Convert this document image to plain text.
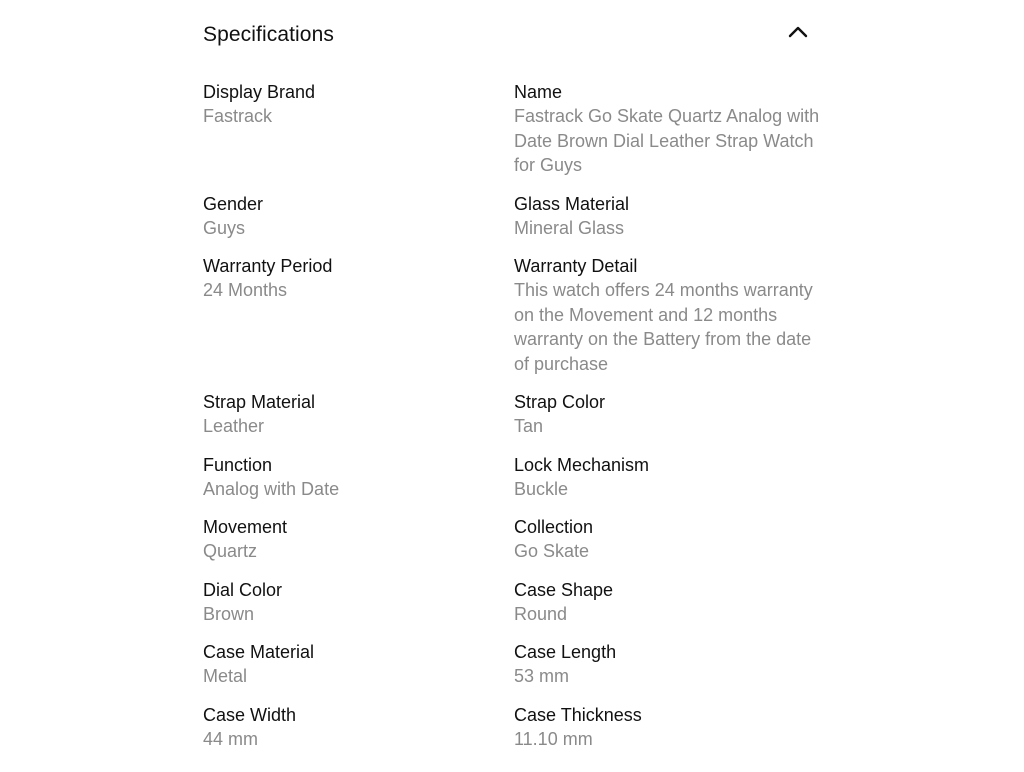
Specifications
Display Brand
Fastrack
Name
Fastrack Go Skate Quartz Analog with Date Brown Dial Leather Strap Watch for Guys
Gender
Guys
Glass Material
Mineral Glass
Warranty Period
24 Months
Warranty Detail
This watch offers 24 months warranty on the Movement and 12 months warranty on the Battery from the date of purchase
Strap Material
Leather
Strap Color
Tan
Function
Analog with Date
Lock Mechanism
Buckle
Movement
Quartz
Collection
Go Skate
Dial Color
Brown
Case Shape
Round
Case Material
Metal
Case Length
53 mm
Case Width
44 mm
Case Thickness
11.10 mm
